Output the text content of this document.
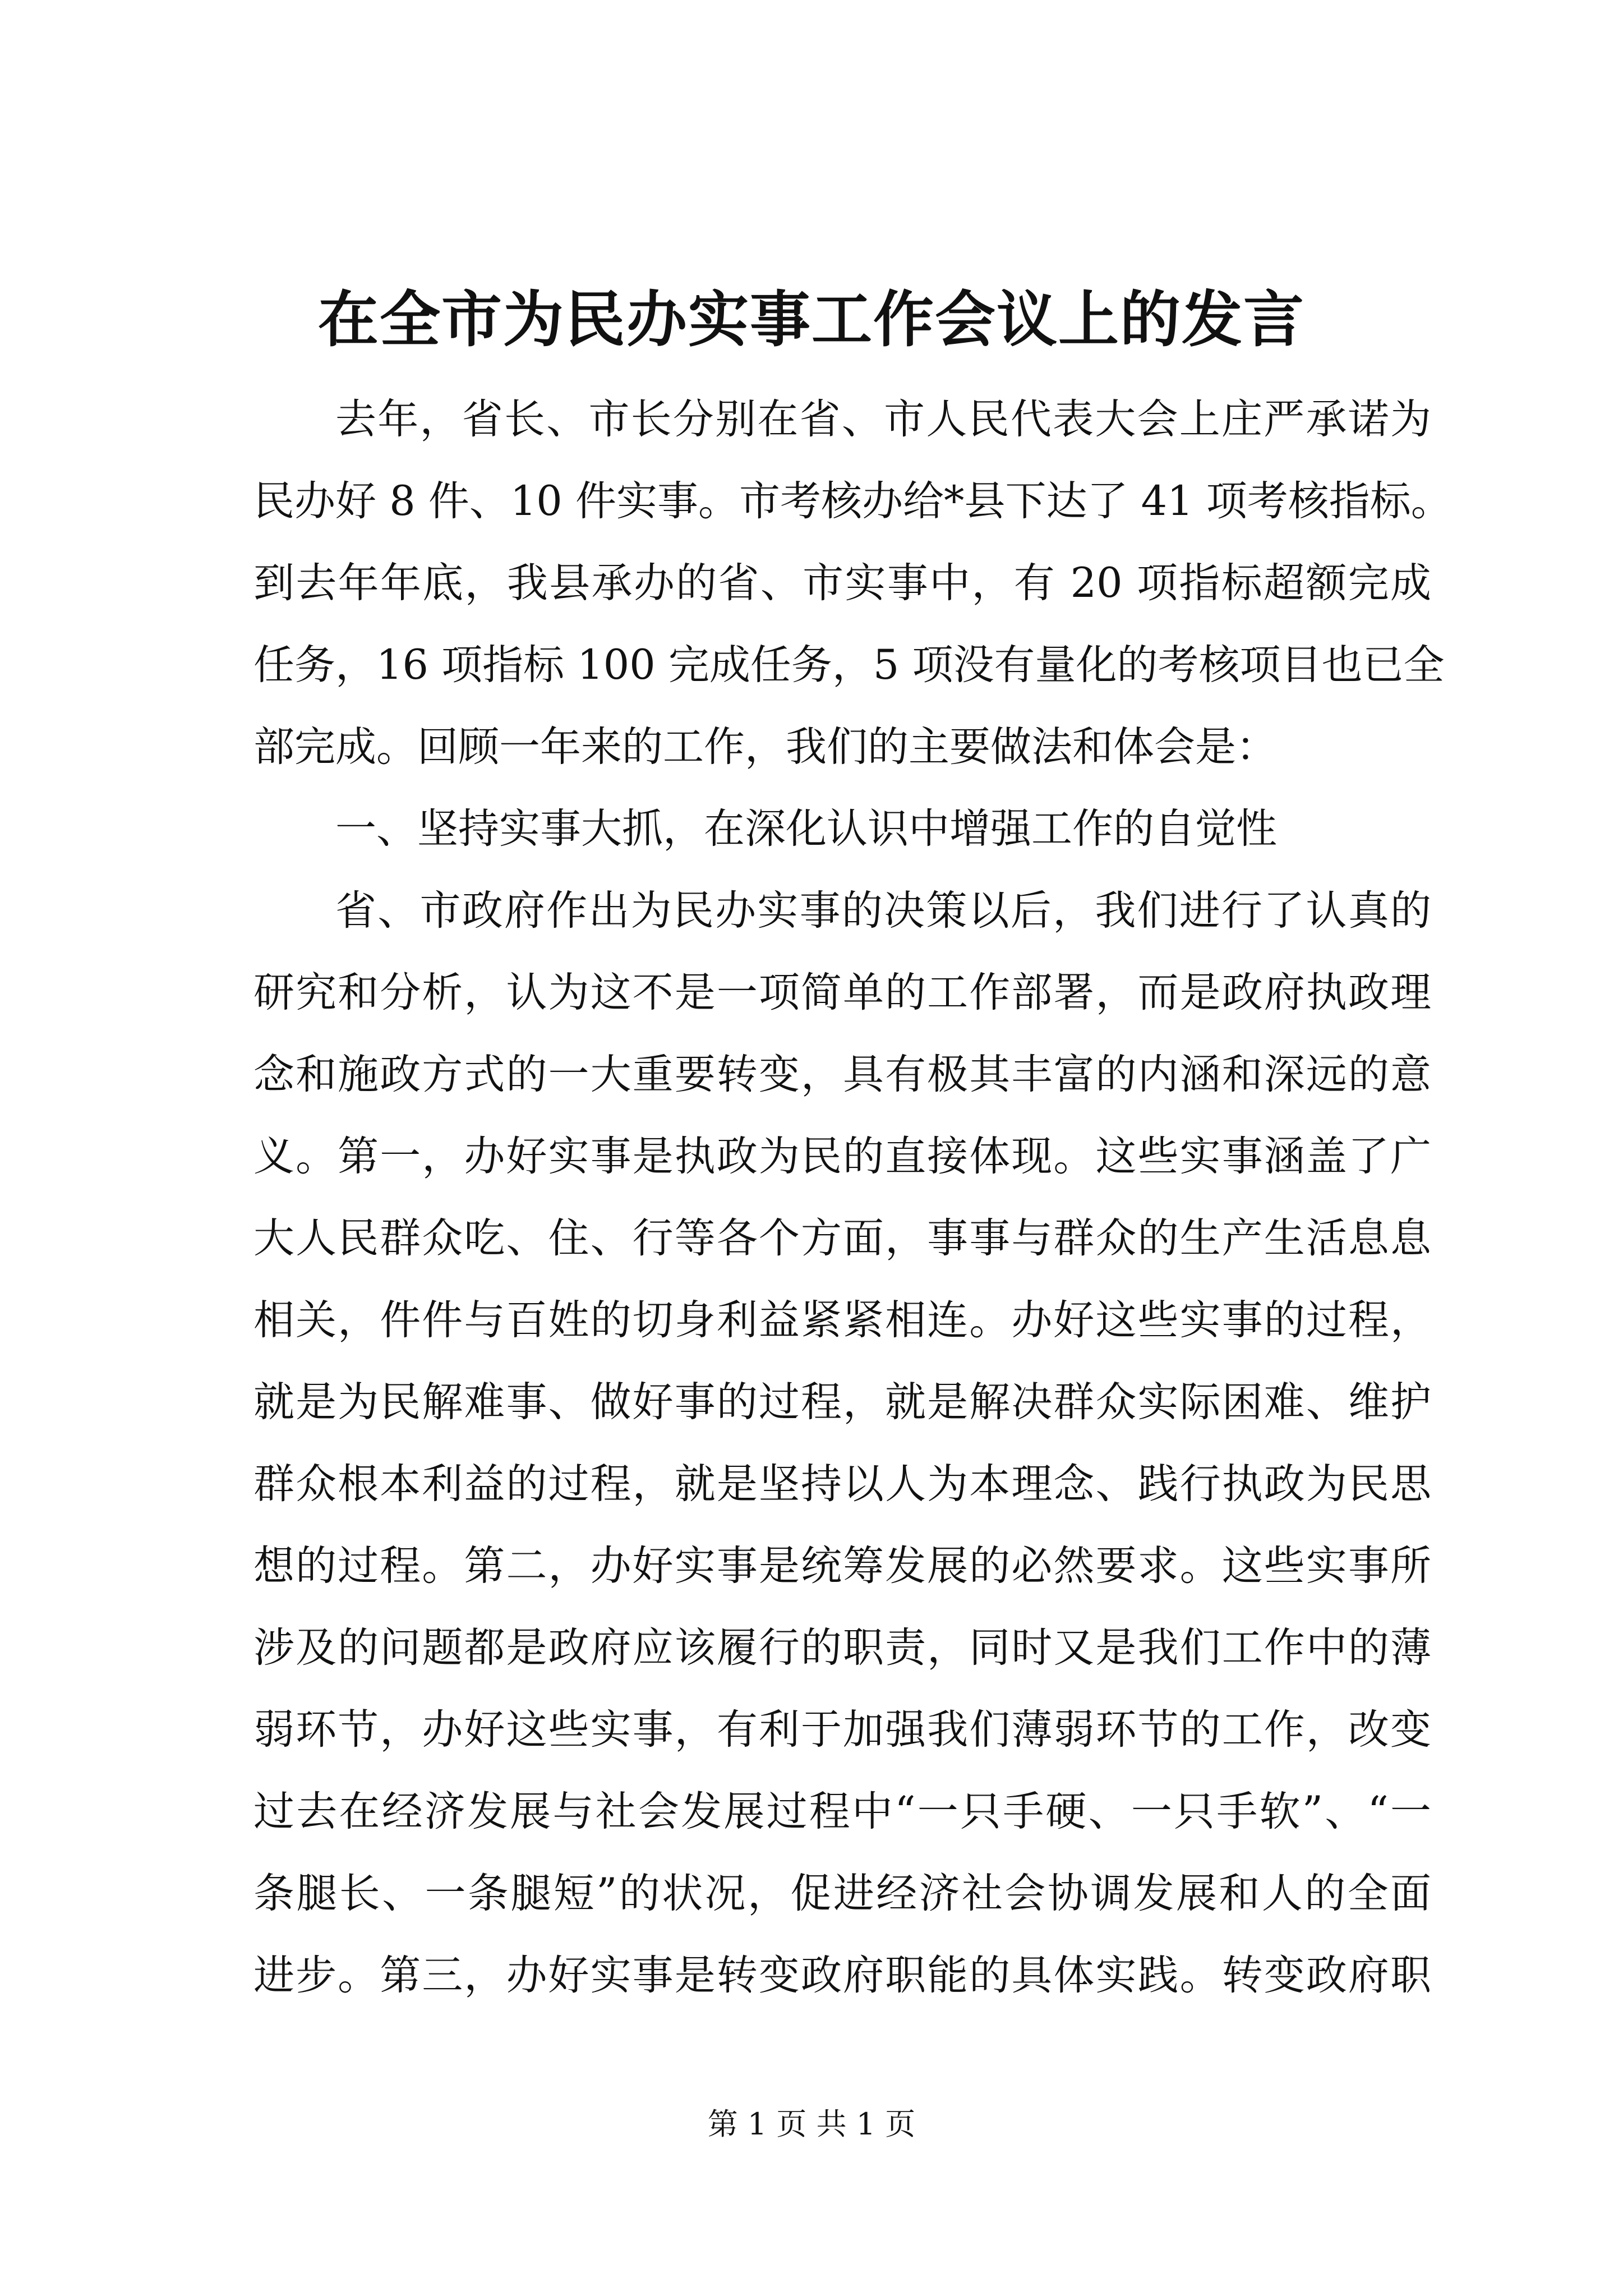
在全市为民办实事工作会议上的发言
去年，省长、市长分别在省、市人民代表大会上庄严承诺为
民办好 8 件、10 件实事。市考核办给*县下达了 41 项考核指标。
到去年年底，我县承办的省、市实事中，有 20 项指标超额完成
任务，16 项指标 100 完成任务，5 项没有量化的考核项目也已全
部完成。回顾一年来的工作，我们的主要做法和体会是：
一、坚持实事大抓，在深化认识中增强工作的自觉性
省、市政府作出为民办实事的决策以后，我们进行了认真的
研究和分析，认为这不是一项简单的工作部署，而是政府执政理
念和施政方式的一大重要转变，具有极其丰富的内涵和深远的意
义。第一，办好实事是执政为民的直接体现。这些实事涵盖了广
大人民群众吃、住、行等各个方面，事事与群众的生产生活息息
相关，件件与百姓的切身利益紧紧相连。办好这些实事的过程，
就是为民解难事、做好事的过程，就是解决群众实际困难、维护
群众根本利益的过程，就是坚持以人为本理念、践行执政为民思
想的过程。第二，办好实事是统筹发展的必然要求。这些实事所
涉及的问题都是政府应该履行的职责，同时又是我们工作中的薄
弱环节，办好这些实事，有利于加强我们薄弱环节的工作，改变
过去在经济发展与社会发展过程中“一只手硬、一只手软”、“一
条腿长、一条腿短”的状况，促进经济社会协调发展和人的全面
进步。第三，办好实事是转变政府职能的具体实践。转变政府职
第 1 页 共 1 页
